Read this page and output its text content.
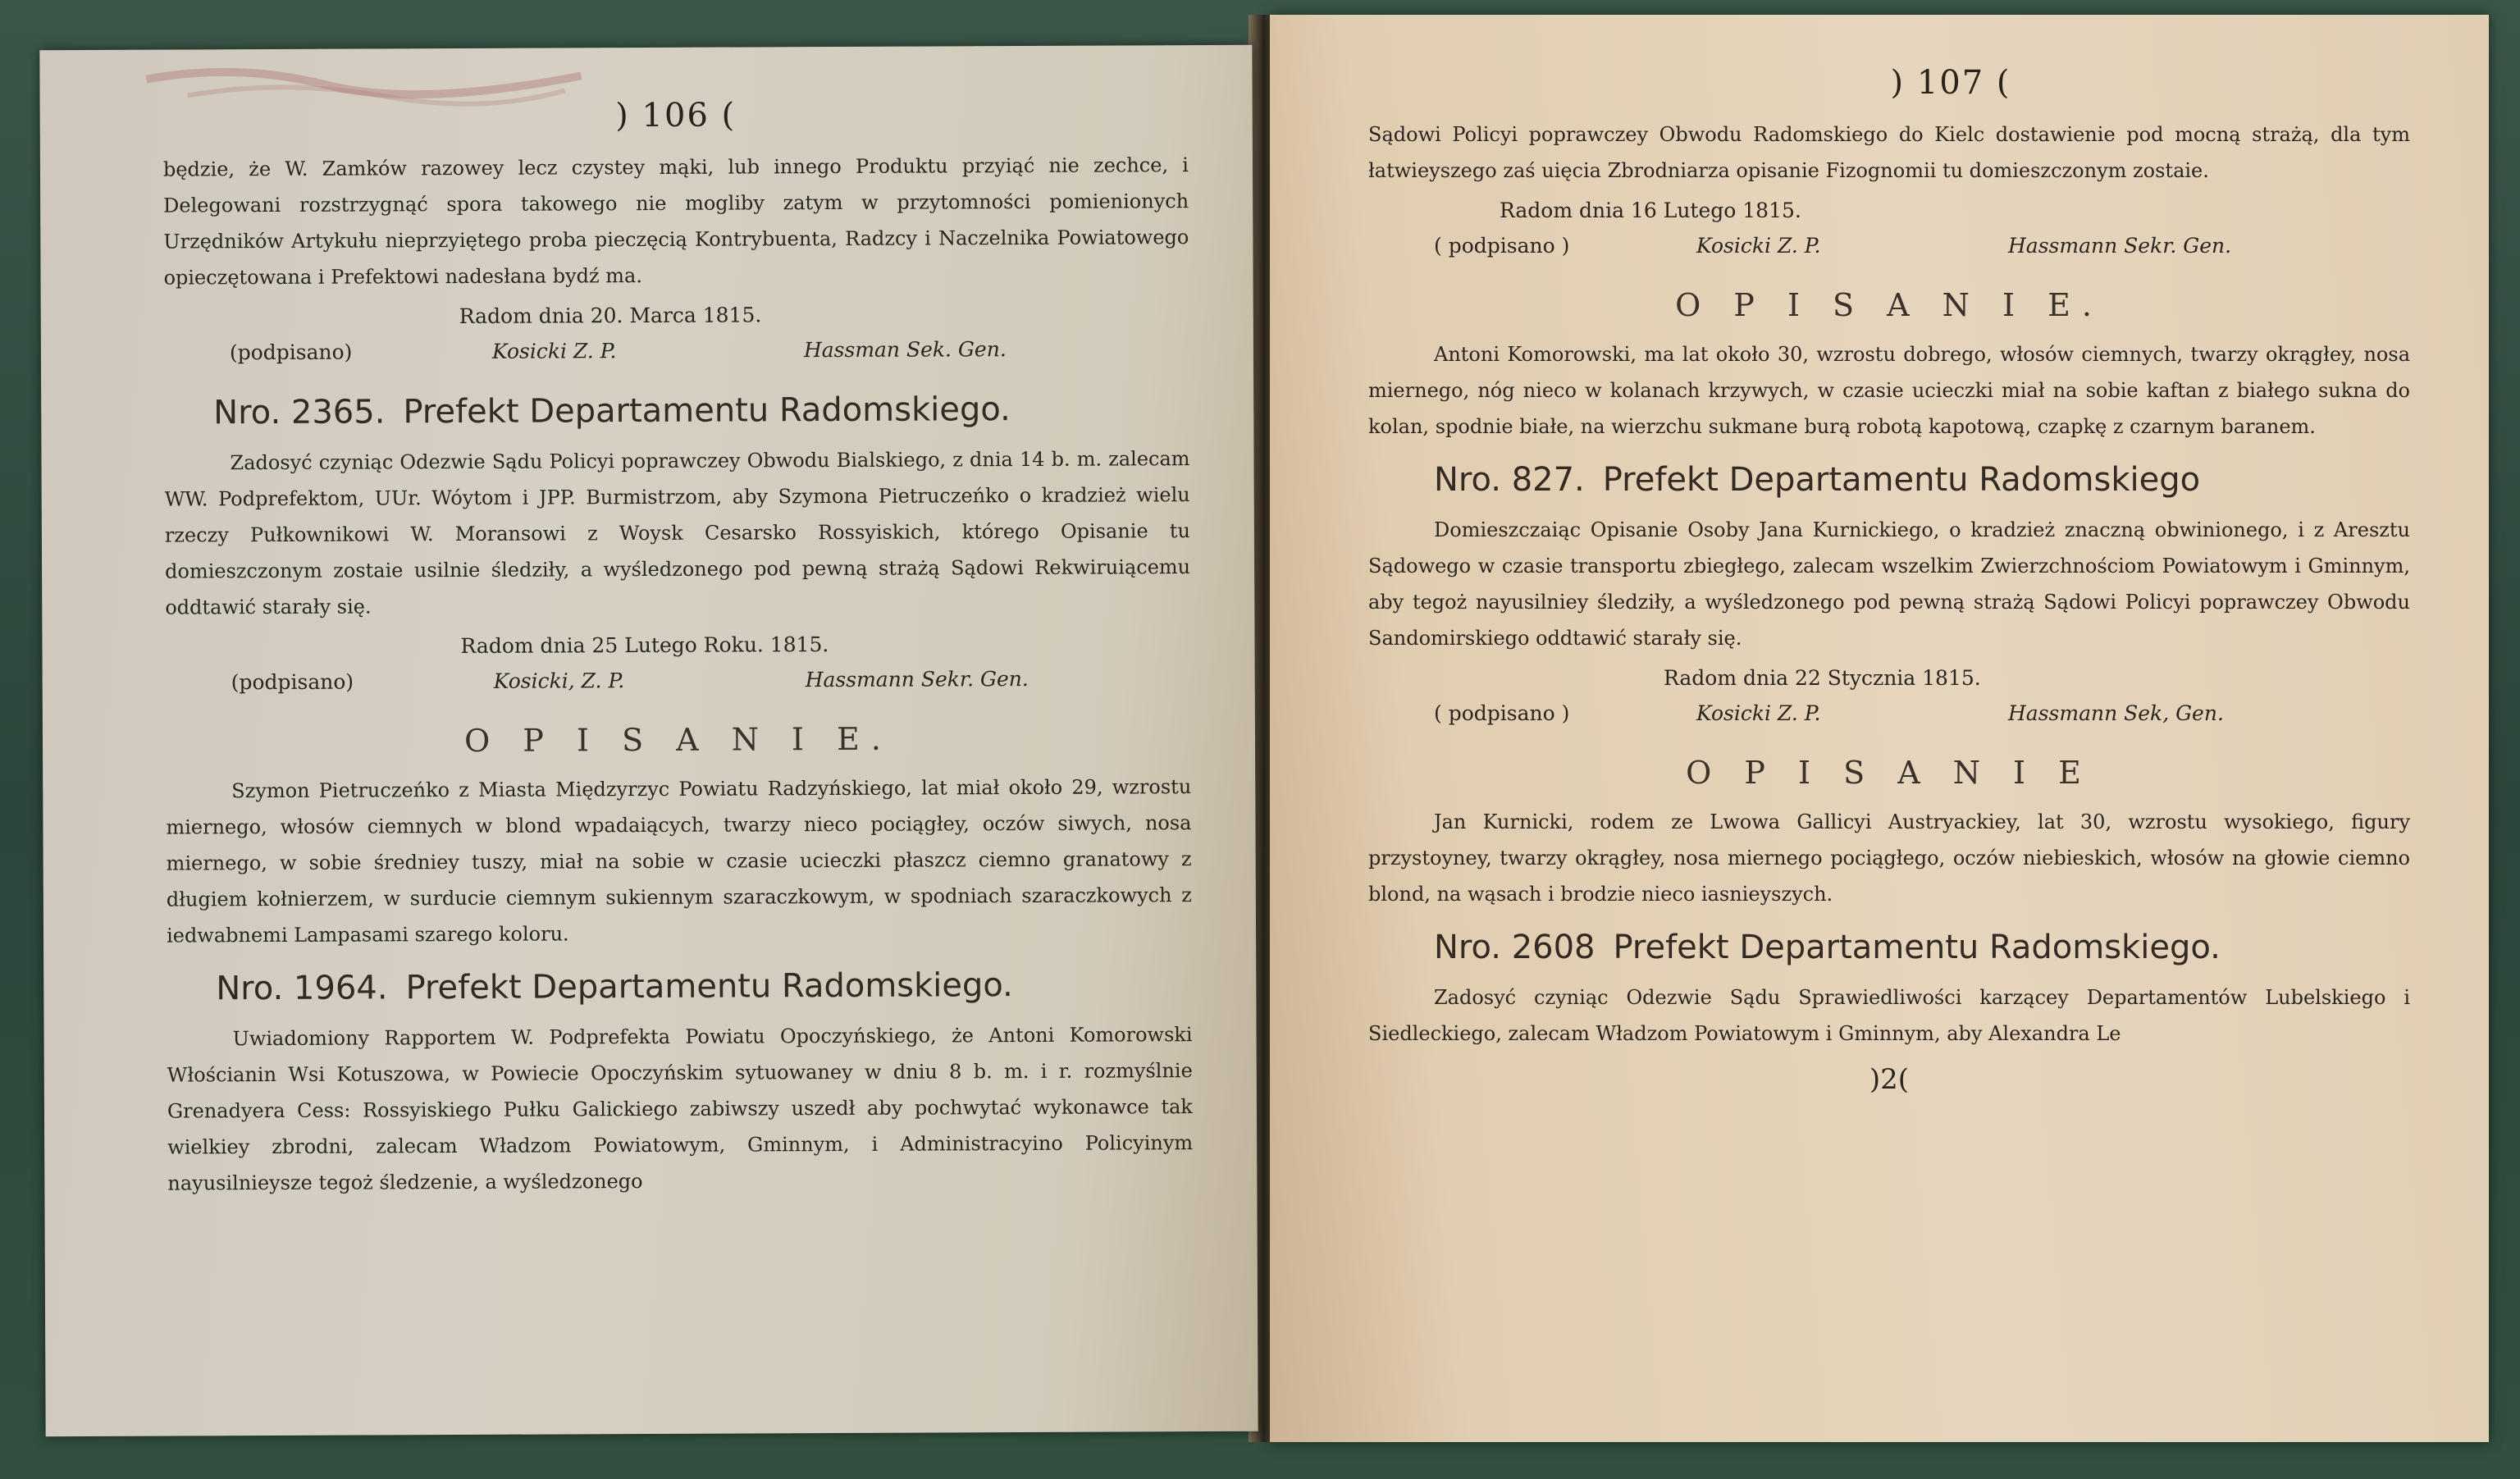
) 106 (

będzie, że W. Zamków razowey lecz czystey mąki, lub innego Produktu przyiąć nie zechce, i Delegowani rozstrzygnąć spora takowego nie mogliby zatym w przytomności pomienionych Urzędników Artykułu nieprzyiętego proba pieczęcią Kontrybuenta, Radzcy i Naczelnika Powiatowego opieczętowana i Prefektowi nadesłana bydź ma.

Radom dnia 20. Marca 1815.
(podpisano)	Kosicki Z. P.	Hassman Sek. Gen.
Nro. 2365. Prefekt Departamentu Radomskiego.

Zadosyć czyniąc Odezwie Sądu Policyi poprawczey Obwodu Bialskiego, z dnia 14 b. m. zalecam WW. Podprefektom, UUr. Wóytom i JPP. Burmistrzom, aby Szymona Pietruczeńko o kradzież wielu rzeczy Pułkownikowi W. Moransowi z Woysk Cesarsko Rossyiskich, którego Opisanie tu domieszczonym zostaie usilnie śledziły, a wyśledzonego pod pewną strażą Sądowi Rekwiruiącemu oddtawić starały się.

Radom dnia 25 Lutego Roku. 1815.
(podpisano)	Kosicki, Z. P.	Hassmann Sekr. Gen.
O P I S A N I E.

Szymon Pietruczeńko z Miasta Międzyrzyc Powiatu Radzyńskiego, lat miał około 29, wzrostu miernego, włosów ciemnych w blond wpadaiących, twarzy nieco pociągłey, oczów siwych, nosa miernego, w sobie średniey tuszy, miał na sobie w czasie ucieczki płaszcz ciemno granatowy z długiem kołnierzem, w surducie ciemnym sukiennym szaraczkowym, w spodniach szaraczkowych z iedwabnemi Lampasami szarego koloru.

Nro. 1964. Prefekt Departamentu Radomskiego.

Uwiadomiony Rapportem W. Podprefekta Powiatu Opoczyńskiego, że Antoni Komorowski Włościanin Wsi Kotuszowa, w Powiecie Opoczyńskim sytuowaney w dniu 8 b. m. i r. rozmyślnie Grenadyera Cess: Rossyiskiego Pułku Galickiego zabiwszy uszedł aby pochwytać wykonawce tak wielkiey zbrodni, zalecam Władzom Powiatowym, Gminnym, i Administracyino Policyinym nayusilnieysze tegoż śledzenie, a wyśledzonego

) 107 (

Sądowi Policyi poprawczey Obwodu Radomskiego do Kielc dostawienie pod mocną strażą, dla tym łatwieyszego zaś uięcia Zbrodniarza opisanie Fizognomii tu domieszczonym zostaie.

Radom dnia 16 Lutego 1815.
( podpisano )	Kosicki Z. P.	Hassmann Sekr. Gen.
O P I S A N I E.

Antoni Komorowski, ma lat około 30, wzrostu dobrego, włosów ciemnych, twarzy okrągłey, nosa miernego, nóg nieco w kolanach krzywych, w czasie ucieczki miał na sobie kaftan z białego sukna do kolan, spodnie białe, na wierzchu sukmane burą robotą kapotową, czapkę z czarnym baranem.

Nro. 827. Prefekt Departamentu Radomskiego

Domieszczaiąc Opisanie Osoby Jana Kurnickiego, o kradzież znaczną obwinionego, i z Aresztu Sądowego w czasie transportu zbiegłego, zalecam wszelkim Zwierzchnościom Powiatowym i Gminnym, aby tegoż nayusilniey śledziły, a wyśledzonego pod pewną strażą Sądowi Policyi poprawczey Obwodu Sandomirskiego oddtawić starały się.

Radom dnia 22 Stycznia 1815.
( podpisano )	Kosicki Z. P.	Hassmann Sek, Gen.
O P I S A N I E

Jan Kurnicki, rodem ze Lwowa Gallicyi Austryackiey, lat 30, wzrostu wysokiego, figury przystoyney, twarzy okrągłey, nosa miernego pociągłego, oczów niebieskich, włosów na głowie ciemno blond, na wąsach i brodzie nieco iasnieyszych.

Nro. 2608 Prefekt Departamentu Radomskiego.

Zadosyć czyniąc Odezwie Sądu Sprawiedliwości karzącey Departamentów Lubelskiego i Siedleckiego, zalecam Władzom Powiatowym i Gminnym, aby Alexandra Le

)2(
